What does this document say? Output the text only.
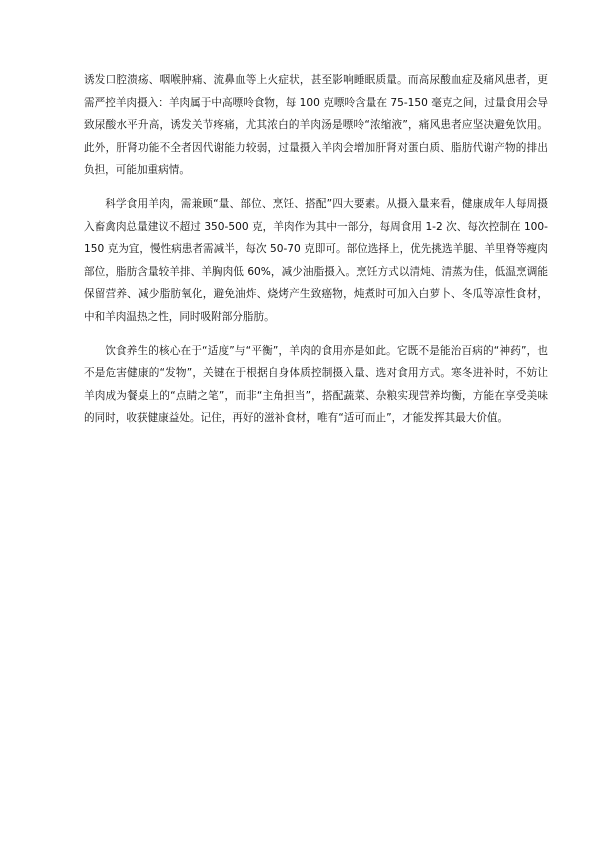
诱发口腔溃疡、咽喉肿痛、流鼻血等上火症状，甚至影响睡眠质量。而高尿酸血症及痛风患者，更需严控羊肉摄入：羊肉属于中高嘌呤食物，每 100 克嘌呤含量在 75-150 毫克之间，过量食用会导致尿酸水平升高，诱发关节疼痛，尤其浓白的羊肉汤是嘌呤“浓缩液”，痛风患者应坚决避免饮用。此外，肝肾功能不全者因代谢能力较弱，过量摄入羊肉会增加肝肾对蛋白质、脂肪代谢产物的排出负担，可能加重病情。

科学食用羊肉，需兼顾“量、部位、烹饪、搭配”四大要素。从摄入量来看，健康成年人每周摄入畜禽肉总量建议不超过 350-500 克，羊肉作为其中一部分，每周食用 1-2 次、每次控制在 100-150 克为宜，慢性病患者需减半，每次 50-70 克即可。部位选择上，优先挑选羊腿、羊里脊等瘦肉部位，脂肪含量较羊排、羊胸肉低 60%，减少油脂摄入。烹饪方式以清炖、清蒸为佳，低温烹调能保留营养、减少脂肪氧化，避免油炸、烧烤产生致癌物，炖煮时可加入白萝卜、冬瓜等凉性食材，中和羊肉温热之性，同时吸附部分脂肪。

饮食养生的核心在于“适度”与“平衡”，羊肉的食用亦是如此。它既不是能治百病的“神药”，也不是危害健康的“发物”，关键在于根据自身体质控制摄入量、选对食用方式。寒冬进补时，不妨让羊肉成为餐桌上的“点睛之笔”，而非“主角担当”，搭配蔬菜、杂粮实现营养均衡，方能在享受美味的同时，收获健康益处。记住，再好的滋补食材，唯有“适可而止”，才能发挥其最大价值。
